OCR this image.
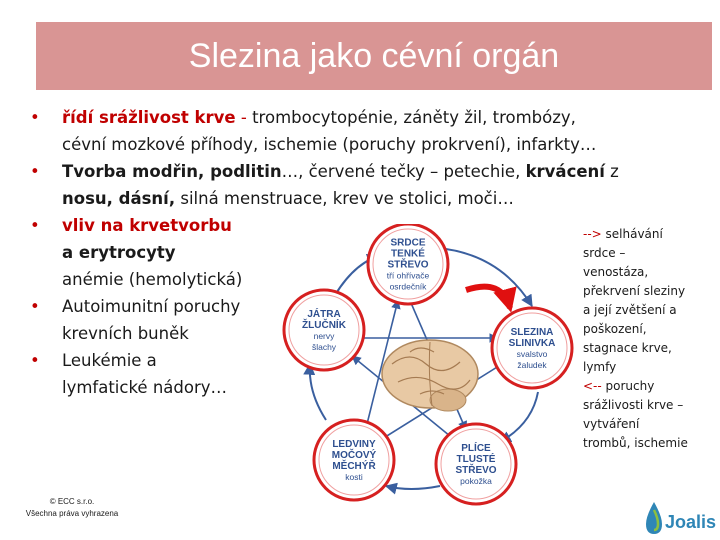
Slezina jako cévní orgán
• řídí srážlivost krve - trombocytopénie, záněty žil, trombózy,
cévní mozkové příhody, ischemie (poruchy prokrvení), infarkty…
• Tvorba modřin, podlitin…, červené tečky – petechie, krvácení z
nosu, dásní, silná menstruace, krev ve stolici, moči…
• vliv na krvetvorbu
a erytrocyty
anémie (hemolytická)
• Autoimunitní poruchy
krevních buněk
• Leukémie a
lymfatické nádory…
SRDCE
TENKÉ
STŘEVO
tří ohřívače
osrdečník
JÁTRA
ŽLUČNÍK
nervy
šlachy
SLEZINA
SLINIVKA
svalstvo
žaludek
LEDVINY
MOČOVÝ
MĚCHÝŘ
kosti
PLÍCE
TLUSTÉ
STŘEVO
pokožka
--> selhávání
srdce –
venostáza,
překrvení sleziny
a její zvětšení a
poškození,
stagnace krve,
lymfy
<-- poruchy
srážlivosti krve –
vytváření
trombů, ischemie
© ECC s.r.o.
Všechna práva vyhrazena	Joalis
